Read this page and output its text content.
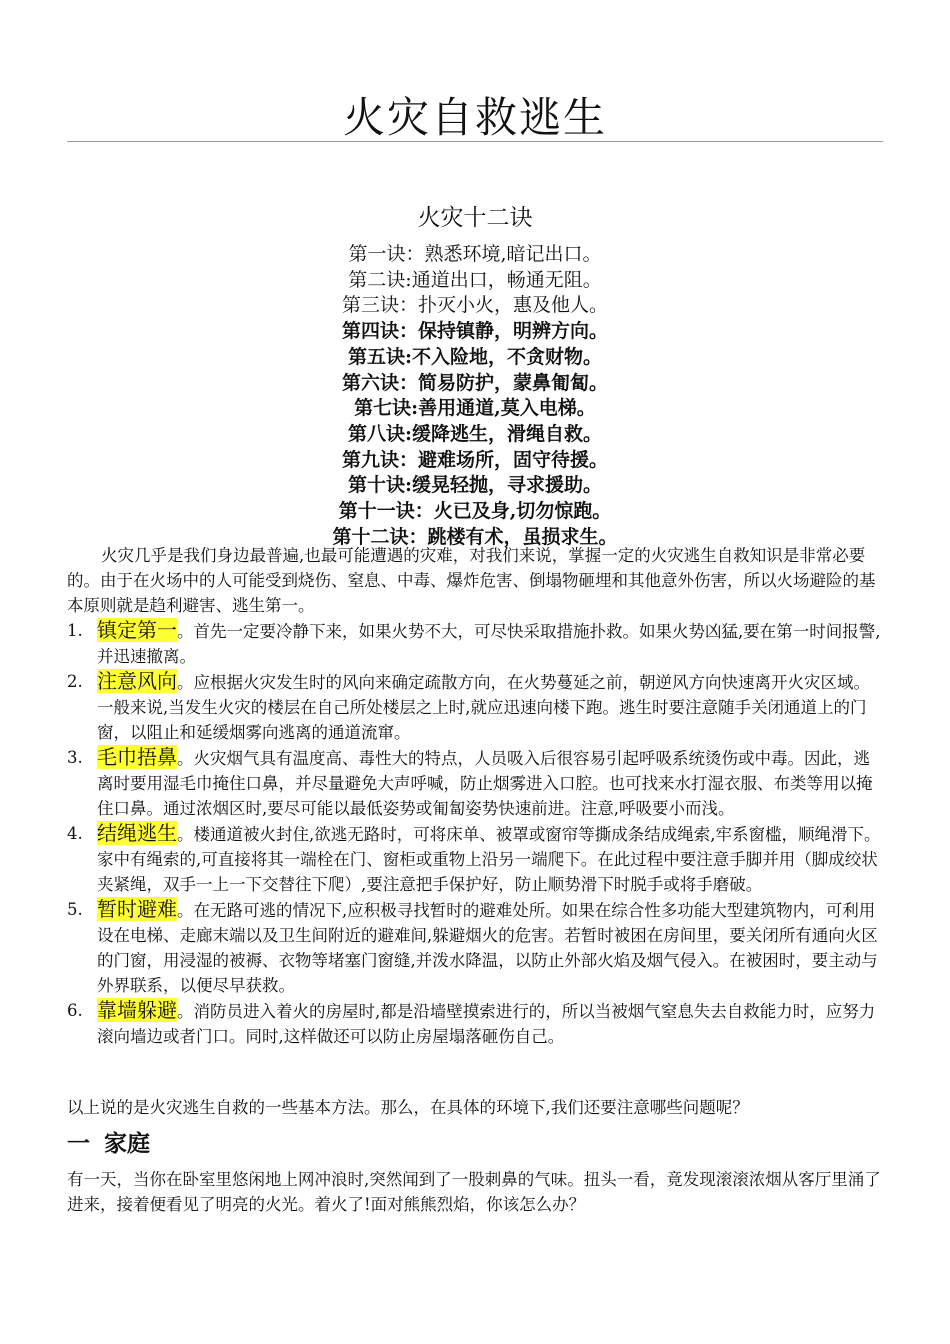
火灾自救逃生
火灾十二诀
第一诀：熟悉环境,暗记出口。
第二诀:通道出口，畅通无阻。
第三诀：扑灭小火，惠及他人。
第四诀：保持镇静，明辨方向。
第五诀:不入险地，不贪财物。
第六诀：简易防护，蒙鼻匍匐。
第七诀:善用通道,莫入电梯。
第八诀:缓降逃生，滑绳自救。
第九诀：避难场所，固守待援。
第十诀:缓晃轻抛，寻求援助。
第十一诀：火已及身,切勿惊跑。
第十二诀：跳楼有术，虽损求生。

火灾几乎是我们身边最普遍,也最可能遭遇的灾难，对我们来说，掌握一定的火灾逃生自救知识是非常必要的。由于在火场中的人可能受到烧伤、窒息、中毒、爆炸危害、倒塌物砸埋和其他意外伤害，所以火场避险的基本原则就是趋利避害、逃生第一。

1. 镇定第一。首先一定要冷静下来，如果火势不大，可尽快采取措施扑救。如果火势凶猛,要在第一时间报警,并迅速撤离。
2. 注意风向。应根据火灾发生时的风向来确定疏散方向，在火势蔓延之前，朝逆风方向快速离开火灾区域。一般来说,当发生火灾的楼层在自己所处楼层之上时,就应迅速向楼下跑。逃生时要注意随手关闭通道上的门窗，以阻止和延缓烟雾向逃离的通道流窜。
3. 毛巾捂鼻。火灾烟气具有温度高、毒性大的特点，人员吸入后很容易引起呼吸系统烫伤或中毒。因此，逃离时要用湿毛巾掩住口鼻，并尽量避免大声呼喊，防止烟雾进入口腔。也可找来水打湿衣服、布类等用以掩住口鼻。通过浓烟区时,要尽可能以最低姿势或匍匐姿势快速前进。注意,呼吸要小而浅。
4. 结绳逃生。楼通道被火封住,欲逃无路时，可将床单、被罩或窗帘等撕成条结成绳索,牢系窗槛，顺绳滑下。家中有绳索的,可直接将其一端栓在门、窗柜或重物上沿另一端爬下。在此过程中要注意手脚并用（脚成绞状夹紧绳，双手一上一下交替往下爬）,要注意把手保护好，防止顺势滑下时脱手或将手磨破。
5. 暂时避难。在无路可逃的情况下,应积极寻找暂时的避难处所。如果在综合性多功能大型建筑物内，可利用设在电梯、走廊末端以及卫生间附近的避难间,躲避烟火的危害。若暂时被困在房间里，要关闭所有通向火区的门窗，用浸湿的被褥、衣物等堵塞门窗缝,并泼水降温，以防止外部火焰及烟气侵入。在被困时，要主动与外界联系，以便尽早获救。
6. 靠墙躲避。消防员进入着火的房屋时,都是沿墙壁摸索进行的，所以当被烟气窒息失去自救能力时，应努力滚向墙边或者门口。同时,这样做还可以防止房屋塌落砸伤自己。

以上说的是火灾逃生自救的一些基本方法。那么，在具体的环境下,我们还要注意哪些问题呢？

一 家庭

有一天，当你在卧室里悠闲地上网冲浪时,突然闻到了一股刺鼻的气味。扭头一看，竟发现滚滚浓烟从客厅里涌了进来，接着便看见了明亮的火光。着火了!面对熊熊烈焰，你该怎么办？
